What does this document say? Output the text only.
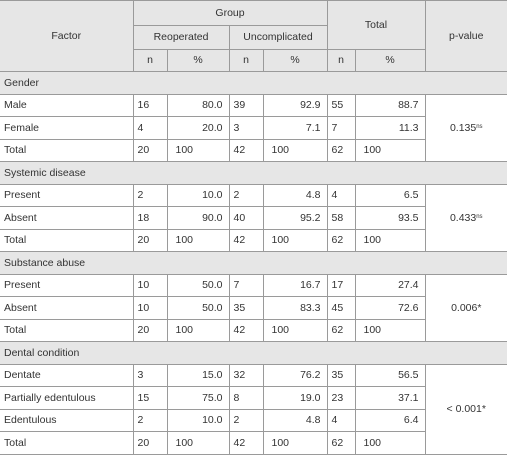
Factor	Group				Total		p-value
	Reoperated		Uncomplicated				
	n	%	n	%	n	%	
Gender							
Male	16	80.0	39	92.9	55	88.7	$0.135^{ns}$
Female	4	20.0	3	7.1	7	11.3	
Total	20	100	42	100	62	100	
Systemic disease							
Present	2	10.0	2	4.8	4	6.5	$0.433^{ns}$
Absent	18	90.0	40	95.2	58	93.5	
Total	20	100	42	100	62	100	
Substance abuse							
Present	10	50.0	7	16.7	17	27.4	0.006*
Absent	10	50.0	35	83.3	45	72.6	
Total	20	100	42	100	62	100	
Dental condition							
Dentate	3	15.0	32	76.2	35	56.5	< 0.001*
Partially edentulous	15	75.0	8	19.0	23	37.1	
Edentulous	2	10.0	2	4.8	4	6.4	
Total	20	100	42	100	62	100	
